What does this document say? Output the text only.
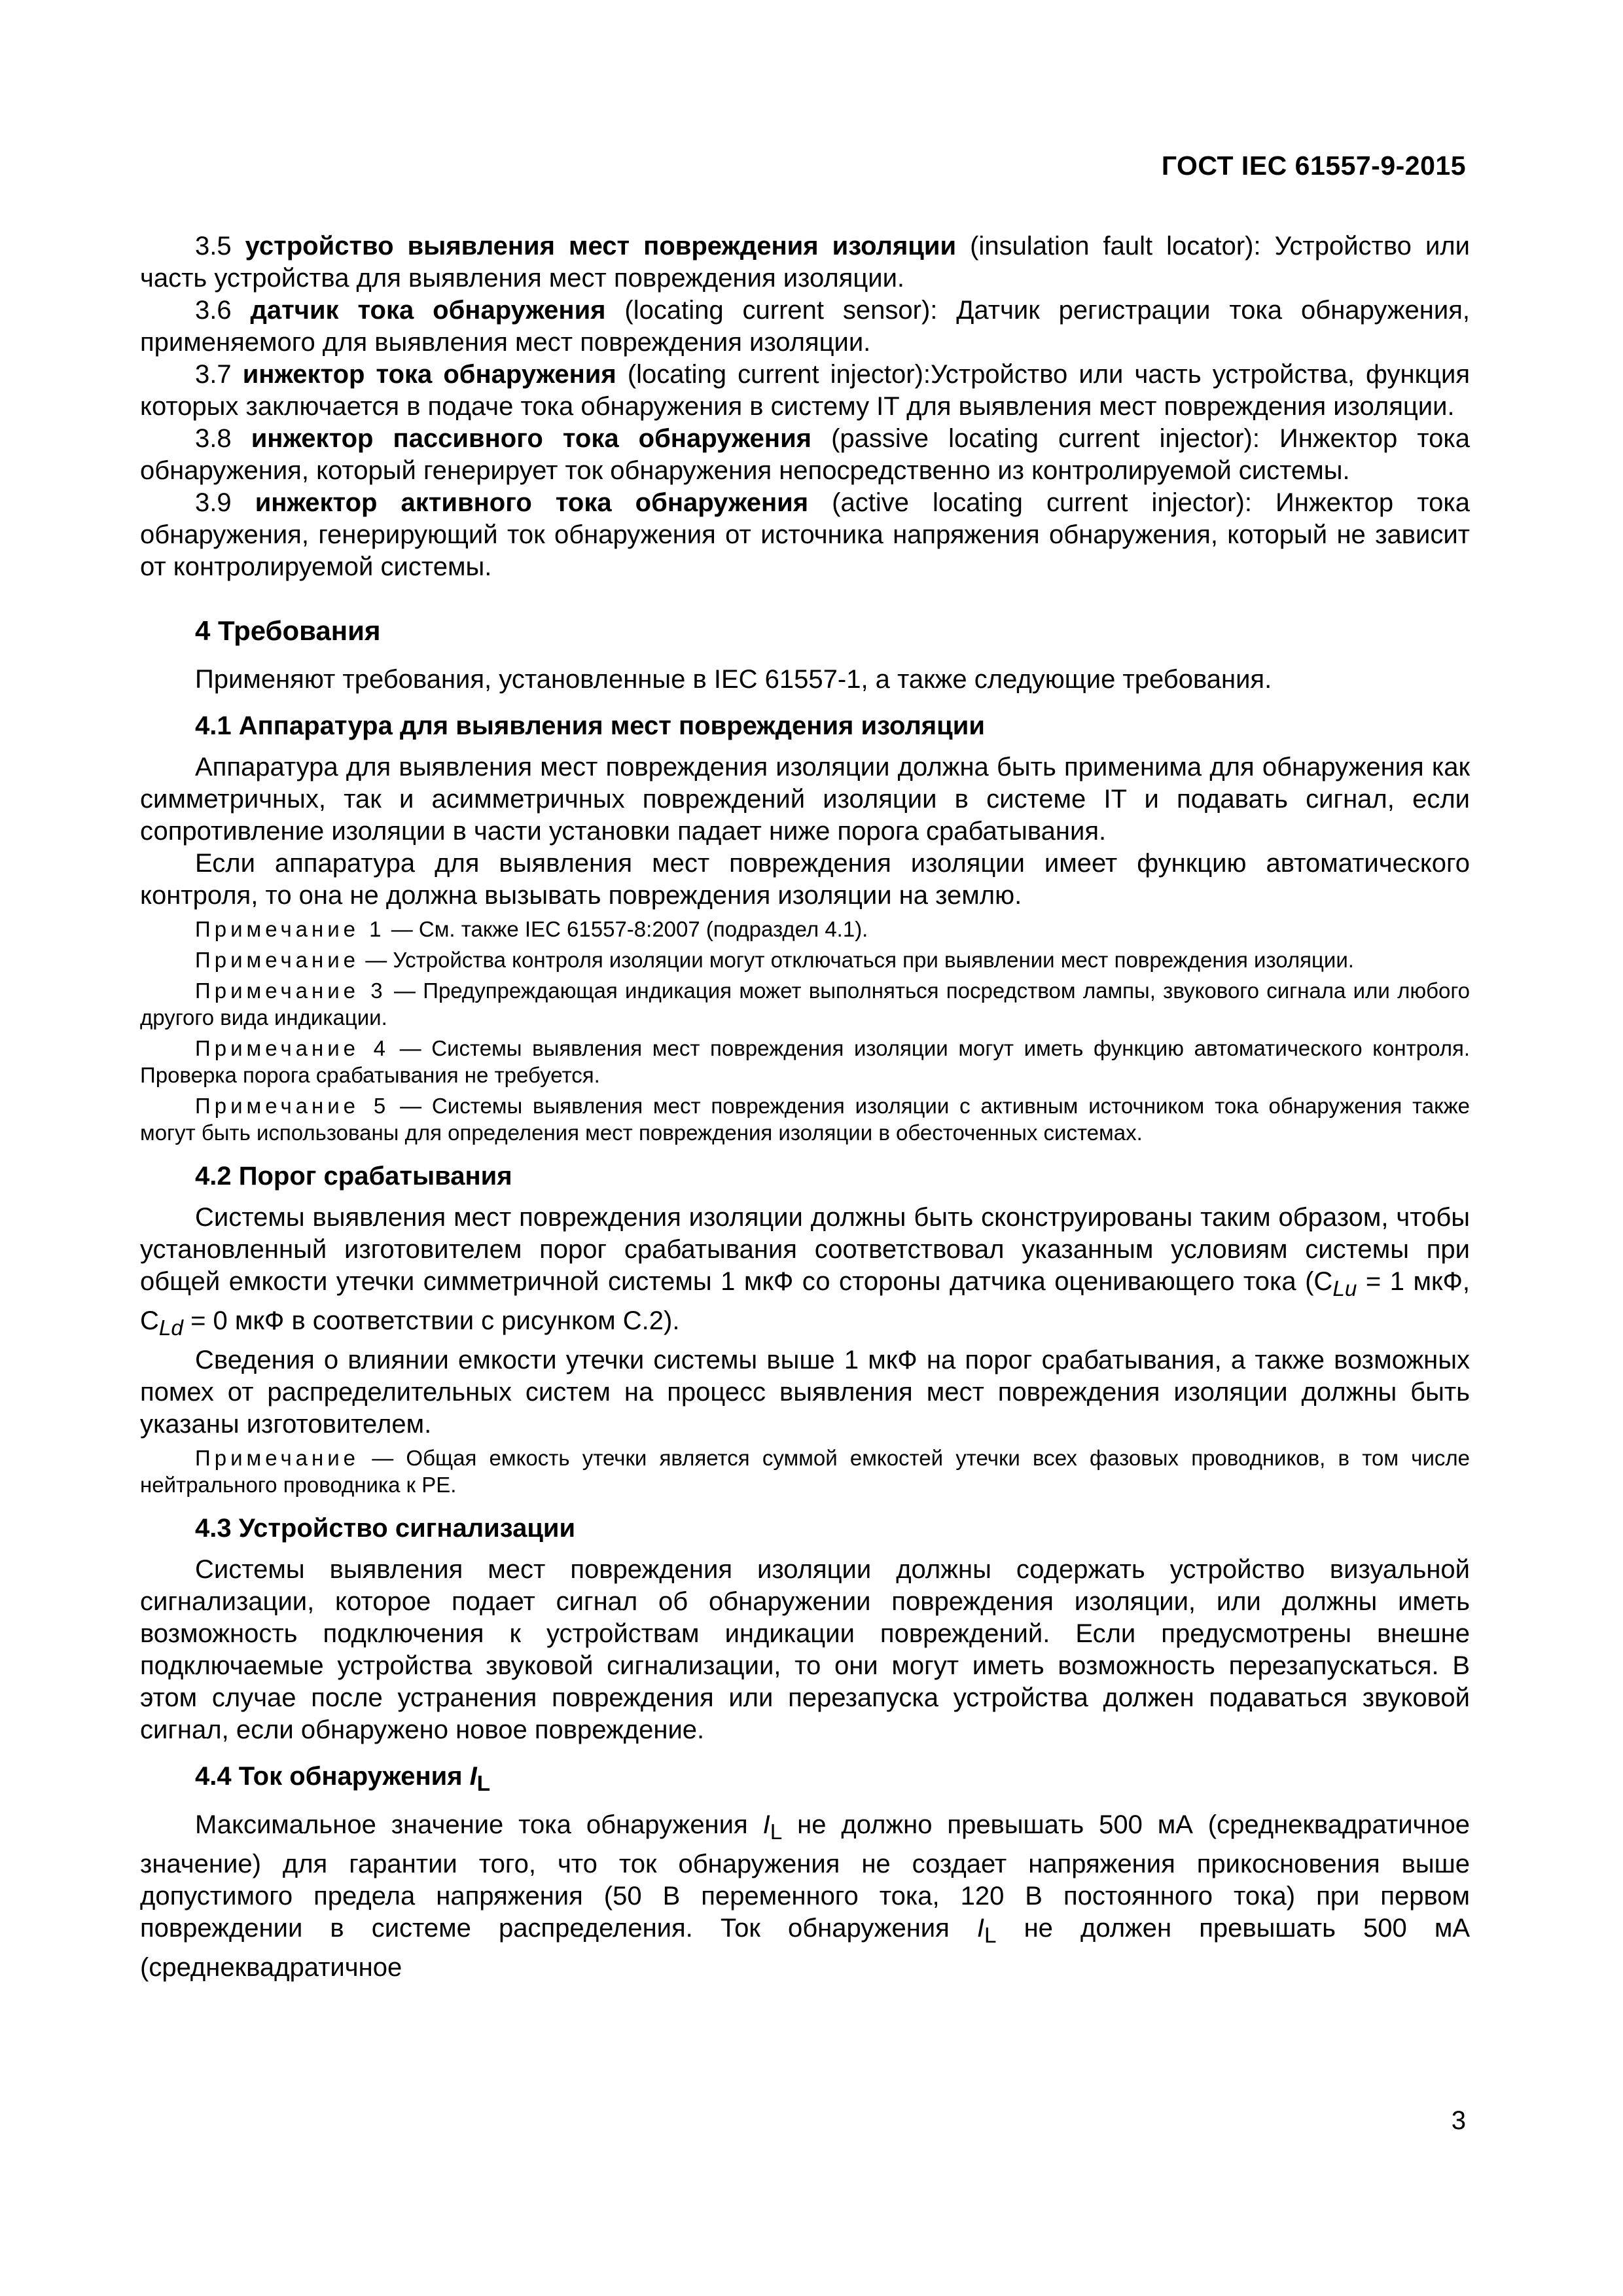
ГОСТ IEC 61557-9-2015

3.5 устройство выявления мест повреждения изоляции (insulation fault locator): Устройство или часть устройства для выявления мест повреждения изоляции.

3.6 датчик тока обнаружения (locating current sensor): Датчик регистрации тока обнаружения, применяемого для выявления мест повреждения изоляции.

3.7 инжектор тока обнаружения (locating current injector):Устройство или часть устройства, функция которых заключается в подаче тока обнаружения в систему IT для выявления мест повреждения изоляции.

3.8 инжектор пассивного тока обнаружения (passive locating current injector): Инжектор тока обнаружения, который генерирует ток обнаружения непосредственно из контролируемой системы.

3.9 инжектор активного тока обнаружения (active locating current injector): Инжектор тока обнаружения, генерирующий ток обнаружения от источника напряжения обнаружения, который не зависит от контролируемой системы.

4 Требования

Применяют требования, установленные в IEC 61557-1, а также следующие требования.

4.1 Аппаратура для выявления мест повреждения изоляции

Аппаратура для выявления мест повреждения изоляции должна быть применима для обнаружения как симметричных, так и асимметричных повреждений изоляции в системе IT и подавать сигнал, если сопротивление изоляции в части установки падает ниже порога срабатывания.

Если аппаратура для выявления мест повреждения изоляции имеет функцию автоматического контроля, то она не должна вызывать повреждения изоляции на землю.

Примечание 1 — См. также IEC 61557-8:2007 (подраздел 4.1).

Примечание — Устройства контроля изоляции могут отключаться при выявлении мест повреждения изоляции.

Примечание 3 — Предупреждающая индикация может выполняться посредством лампы, звукового сигнала или любого другого вида индикации.

Примечание 4 — Системы выявления мест повреждения изоляции могут иметь функцию автоматического контроля. Проверка порога срабатывания не требуется.

Примечание 5 — Системы выявления мест повреждения изоляции с активным источником тока обнаружения также могут быть использованы для определения мест повреждения изоляции в обесточенных системах.

4.2 Порог срабатывания

Системы выявления мест повреждения изоляции должны быть сконструированы таким образом, чтобы установленный изготовителем порог срабатывания соответствовал указанным условиям системы при общей емкости утечки симметричной системы 1 мкФ со стороны датчика оценивающего тока ($C_{Lu} = 1$ мкФ, $C_{Ld} = 0$ мкФ в соответствии с рисунком С.2).

Сведения о влиянии емкости утечки системы выше 1 мкФ на порог срабатывания, а также возможных помех от распределительных систем на процесс выявления мест повреждения изоляции должны быть указаны изготовителем.

Примечание — Общая емкость утечки является суммой емкостей утечки всех фазовых проводников, в том числе нейтрального проводника к PE.

4.3 Устройство сигнализации

Системы выявления мест повреждения изоляции должны содержать устройство визуальной сигнализации, которое подает сигнал об обнаружении повреждения изоляции, или должны иметь возможность подключения к устройствам индикации повреждений. Если предусмотрены внешне подключаемые устройства звуковой сигнализации, то они могут иметь возможность перезапускаться. В этом случае после устранения повреждения или перезапуска устройства должен подаваться звуковой сигнал, если обнаружено новое повреждение.

4.4 Ток обнаружения $I_L$

Максимальное значение тока обнаружения $I_L$ не должно превышать 500 мА (среднеквадратичное значение) для гарантии того, что ток обнаружения не создает напряжения прикосновения выше допустимого предела напряжения (50 В переменного тока, 120 В постоянного тока) при первом повреждении в системе распределения. Ток обнаружения $I_L$ не должен превышать 500 мА (среднеквадратичное

3
